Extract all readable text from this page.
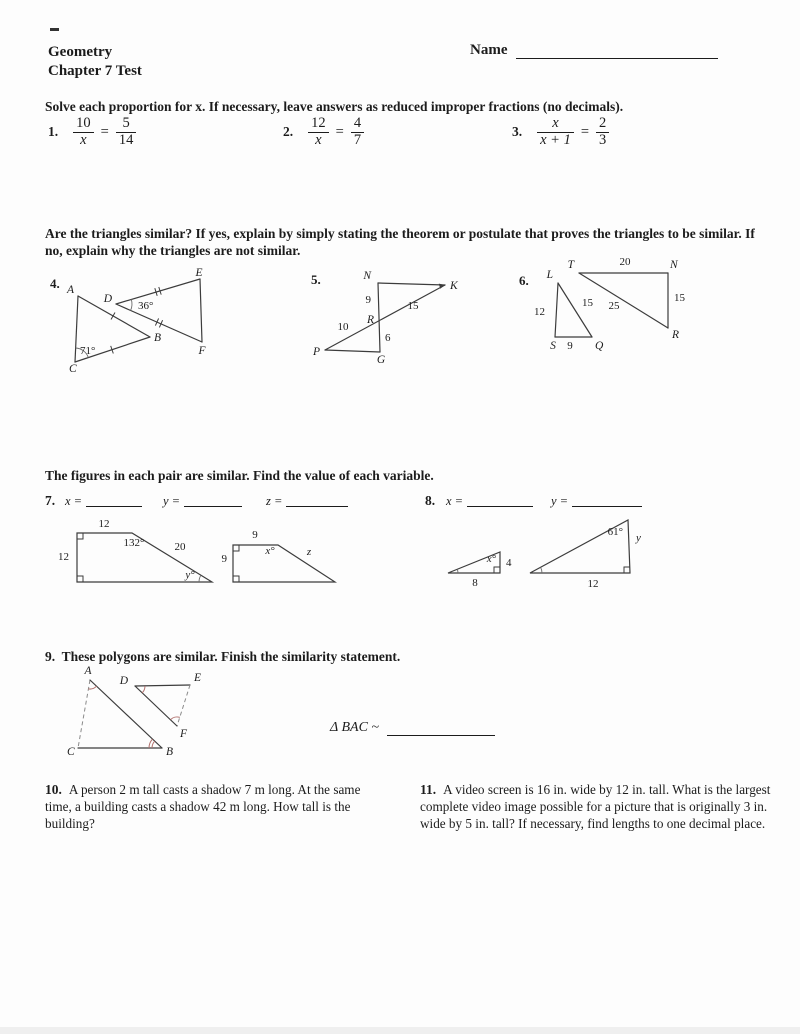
Geometry
Chapter 7 Test
Name
Solve each proportion for x. If necessary, leave answers as reduced improper fractions (no decimals).
1. $\frac{10}{x} = \frac{5}{14}$	2. $\frac{12}{x} = \frac{4}{7}$	3. $\frac{x}{x + 1} = \frac{2}{3}$
Are the triangles similar? If yes, explain by simply stating the theorem or postulate that proves the triangles to be similar. If
no, explain why the triangles are not similar.
4. A
B
C
D
E
F
36°
71°
5.	N
K
R
P
G
9
6
15
10
6. L
T	N
R
S	Q
20
12
15 25
15
9
The figures in each pair are similar. Find the value of each variable.
7. x =	y =	z =	8. x =	y =
12
12
132°	20
y°
9
9
x°	z
8
4
x°
12
y
61°
9. These polygons are similar. Finish the similarity statement.
A
D	E
F
C	B
Δ BAC ~
10. A person 2 m tall casts a shadow 7 m long. At the same time, a building casts a shadow 42 m long. How tall is the building?
11. A video screen is 16 in. wide by 12 in. tall. What is the largest complete video image possible for a picture that is originally 3 in. wide by 5 in. tall? If necessary, find lengths to one decimal place.
